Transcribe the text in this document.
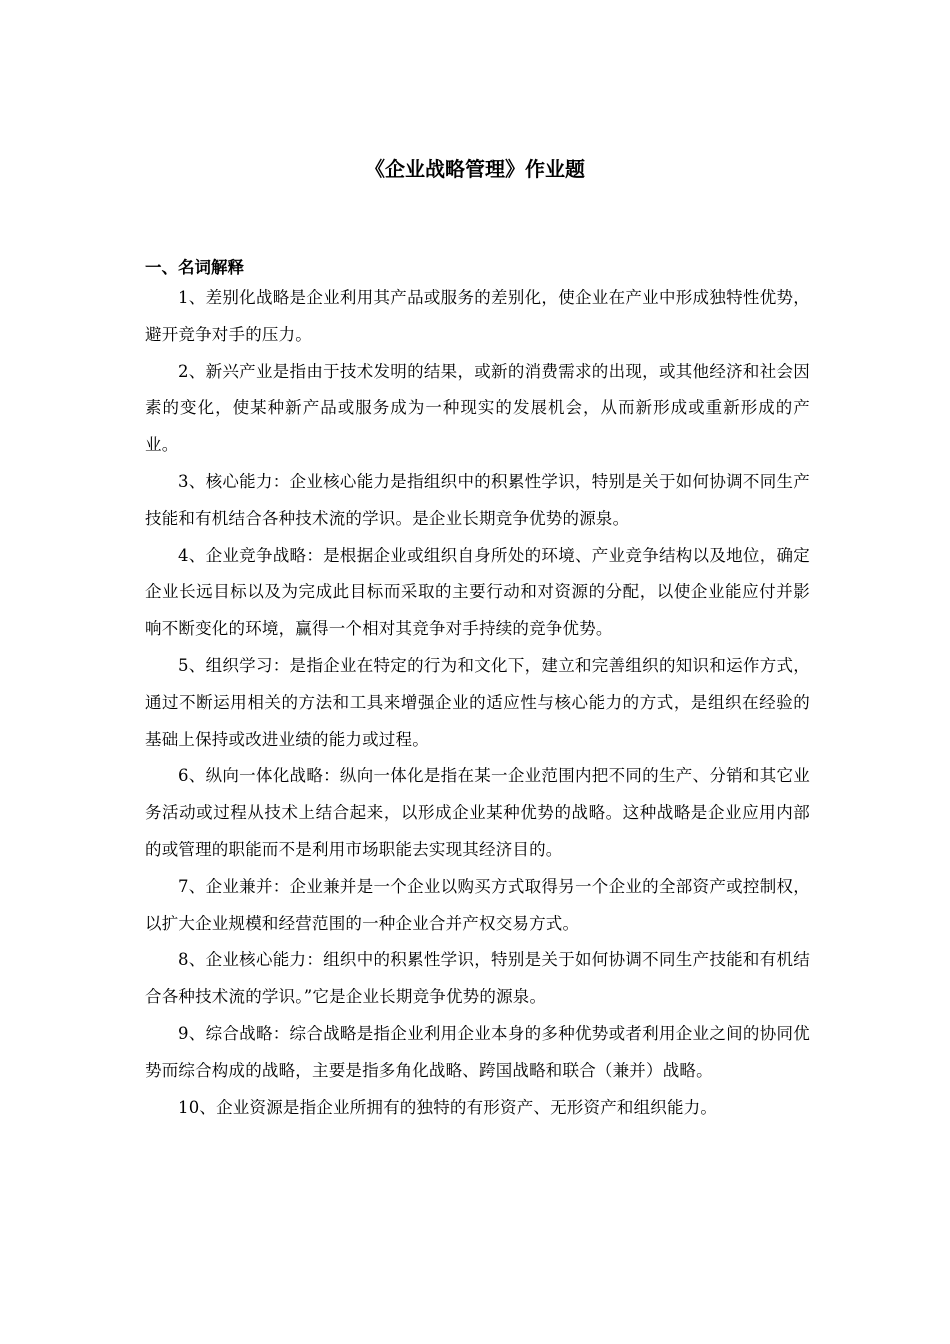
《企业战略管理》作业题

一、名词解释

1、差别化战略是企业利用其产品或服务的差别化，使企业在产业中形成独特性优势，避开竞争对手的压力。

2、新兴产业是指由于技术发明的结果，或新的消费需求的出现，或其他经济和社会因素的变化，使某种新产品或服务成为一种现实的发展机会，从而新形成或重新形成的产业。

3、核心能力：企业核心能力是指组织中的积累性学识，特别是关于如何协调不同生产技能和有机结合各种技术流的学识。是企业长期竞争优势的源泉。

4、企业竞争战略：是根据企业或组织自身所处的环境、产业竞争结构以及地位，确定企业长远目标以及为完成此目标而采取的主要行动和对资源的分配，以使企业能应付并影响不断变化的环境，赢得一个相对其竞争对手持续的竞争优势。

5、组织学习：是指企业在特定的行为和文化下，建立和完善组织的知识和运作方式，通过不断运用相关的方法和工具来增强企业的适应性与核心能力的方式，是组织在经验的基础上保持或改进业绩的能力或过程。

6、纵向一体化战略：纵向一体化是指在某一企业范围内把不同的生产、分销和其它业务活动或过程从技术上结合起来，以形成企业某种优势的战略。这种战略是企业应用内部的或管理的职能而不是利用市场职能去实现其经济目的。

7、企业兼并：企业兼并是一个企业以购买方式取得另一个企业的全部资产或控制权，以扩大企业规模和经营范围的一种企业合并产权交易方式。

8、企业核心能力：组织中的积累性学识，特别是关于如何协调不同生产技能和有机结合各种技术流的学识。”它是企业长期竞争优势的源泉。

9、综合战略：综合战略是指企业利用企业本身的多种优势或者利用企业之间的协同优势而综合构成的战略，主要是指多角化战略、跨国战略和联合（兼并）战略。

10、企业资源是指企业所拥有的独特的有形资产、无形资产和组织能力。
